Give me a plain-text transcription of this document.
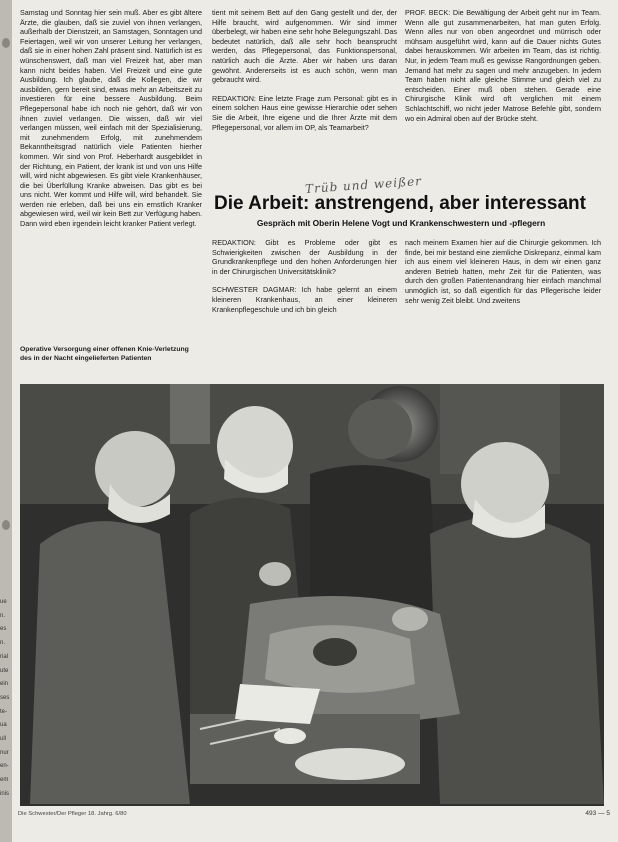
ue
n.
es
n.
rial
ute
ein
ses
te-
ua
ull
nur
en-
em
inis

Samstag und Sonntag hier sein muß. Aber es gibt ältere Ärzte, die glauben, daß sie zuviel von ihnen verlangen, außerhalb der Dienstzeit, an Samstagen, Sonntagen und Feiertagen, weil wir von unserer Leitung her verlangen, daß sie in einer hohen Zahl präsent sind. Natürlich ist es wünschenswert, daß man viel Freizeit hat, aber man kann nicht beides haben. Viel Freizeit und eine gute Ausbildung. Ich glaube, daß die Kollegen, die wir ausbilden, gern bereit sind, etwas mehr an Arbeitszeit zu investieren für eine bessere Ausbildung. Beim Pflegepersonal habe ich noch nie gehört, daß wir von ihnen zuviel verlangen. Die wissen, daß wir viel verlangen müssen, weil einfach mit der Spezialisierung, mit zunehmendem Erfolg, mit zunehmendem Bekanntheitsgrad natürlich viele Patienten hierher kommen. Wir sind von Prof. Heberhardt ausgebildet in der Richtung, ein Patient, der krank ist und von uns Hilfe will, wird nicht abgewiesen. Es gibt viele Krankenhäuser, die bei Überfüllung Kranke abweisen. Das gibt es bei uns nicht. Wer kommt und Hilfe will, wird behandelt. Sie werden nie erleben, daß bei uns ein ernstlich Kranker abgewiesen wird, weil wir kein Bett zur Verfügung haben. Dann wird eben irgendein leicht kranker Patient verlegt.

tient mit seinem Bett auf den Gang gestellt und der, der Hilfe braucht, wird aufgenommen. Wir sind immer überbelegt, wir haben eine sehr hohe Belegungszahl. Das bedeutet natürlich, daß alle sehr hoch beansprucht werden, das Pflegepersonal, das Funktionspersonal, natürlich auch die Ärzte. Aber wir haben uns daran gewöhnt. Andererseits ist es auch schön, wenn man gebraucht wird.

REDAKTION: Eine letzte Frage zum Personal: gibt es in einem solchen Haus eine gewisse Hierarchie oder sehen Sie die Arbeit, Ihre eigene und die Ihrer Ärzte mit dem Pflegepersonal, vor allem im OP, als Teamarbeit?

PROF. BECK: Die Bewältigung der Arbeit geht nur im Team. Wenn alle gut zusammenarbeiten, hat man guten Erfolg. Wenn alles nur von oben angeordnet und mürrisch oder mühsam ausgeführt wird, kann auf die Dauer nichts Gutes dabei herauskommen. Wir arbeiten im Team, das ist richtig. Nur, in jedem Team muß es gewisse Rangordnungen geben. Jemand hat mehr zu sagen und mehr anzugeben. In jedem Team haben nicht alle gleiche Stimme und gleich viel zu entscheiden. Einer muß oben stehen. Gerade eine Chirurgische Klinik wird oft verglichen mit einem Schlachtschiff, wo nicht jeder Matrose Befehle gibt, sondern wo ein Admiral oben auf der Brücke steht.

Operative Versorgung einer offenen Knie-Verletzung des in der Nacht eingelieferten Patienten
Trüb und weißer
Die Arbeit: anstrengend, aber interessant
Gespräch mit Oberin Helene Vogt und Krankenschwestern und -pflegern

REDAKTION: Gibt es Probleme oder gibt es Schwierigkeiten zwischen der Ausbildung in der Grundkrankenpflege und den hohen Anforderungen hier in der Chirurgischen Universitätsklinik?

SCHWESTER DAGMAR: Ich habe gelernt an einem kleineren Krankenhaus, an einer kleineren Krankenpflegeschule und ich bin gleich

nach meinem Examen hier auf die Chirurgie gekommen. Ich finde, bei mir bestand eine ziemliche Diskrepanz, einmal kam ich aus einem viel kleineren Haus, in dem wir einen ganz anderen Betrieb hatten, mehr Zeit für die Patienten, was durch den großen Patientenandrang hier einfach manchmal unmöglich ist, so daß eigentlich für das Pflegerische leider sehr wenig Zeit bleibt. Und zweitens

Die Schwester/Der Pfleger 18. Jahrg. 6/80	493 — 5
